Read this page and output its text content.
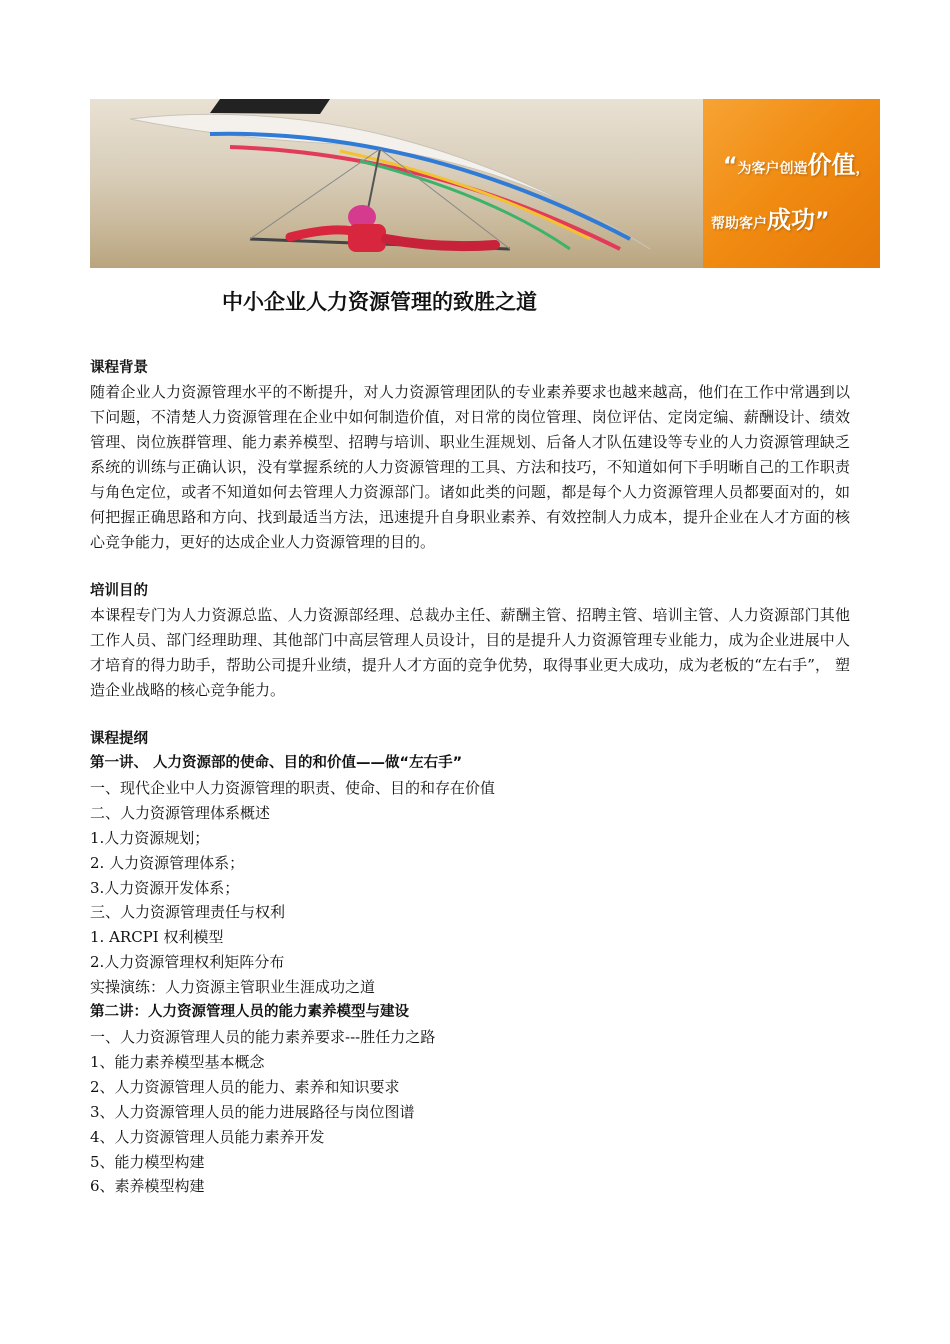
“为客户创造价值，
帮助客户成功”
中小企业人力资源管理的致胜之道
课程背景
随着企业人力资源管理水平的不断提升，对人力资源管理团队的专业素养要求也越来越高，他们在工作中常遇到以下问题，不清楚人力资源管理在企业中如何制造价值，对日常的岗位管理、岗位评估、定岗定编、薪酬设计、绩效管理、岗位族群管理、能力素养模型、招聘与培训、职业生涯规划、后备人才队伍建设等专业的人力资源管理缺乏系统的训练与正确认识，没有掌握系统的人力资源管理的工具、方法和技巧，不知道如何下手明晰自己的工作职责与角色定位，或者不知道如何去管理人力资源部门。诸如此类的问题，都是每个人力资源管理人员都要面对的，如何把握正确思路和方向、找到最适当方法，迅速提升自身职业素养、有效控制人力成本，提升企业在人才方面的核心竞争能力，更好的达成企业人力资源管理的目的。
培训目的
本课程专门为人力资源总监、人力资源部经理、总裁办主任、薪酬主管、招聘主管、培训主管、人力资源部门其他工作人员、部门经理助理、其他部门中高层管理人员设计，目的是提升人力资源管理专业能力，成为企业进展中人才培育的得力助手，帮助公司提升业绩，提升人才方面的竞争优势，取得事业更大成功，成为老板的“左右手”， 塑造企业战略的核心竞争能力。
课程提纲
第一讲、 人力资源部的使命、目的和价值——做“左右手”
一、现代企业中人力资源管理的职责、使命、目的和存在价值
二、人力资源管理体系概述
1.人力资源规划；
2. 人力资源管理体系；
3.人力资源开发体系；
三、人力资源管理责任与权利
1. ARCPI 权利模型
2.人力资源管理权利矩阵分布
实操演练：人力资源主管职业生涯成功之道
第二讲：人力资源管理人员的能力素养模型与建设
一、人力资源管理人员的能力素养要求---胜任力之路
1、能力素养模型基本概念
2、人力资源管理人员的能力、素养和知识要求
3、人力资源管理人员的能力进展路径与岗位图谱
4、人力资源管理人员能力素养开发
5、能力模型构建
6、素养模型构建
